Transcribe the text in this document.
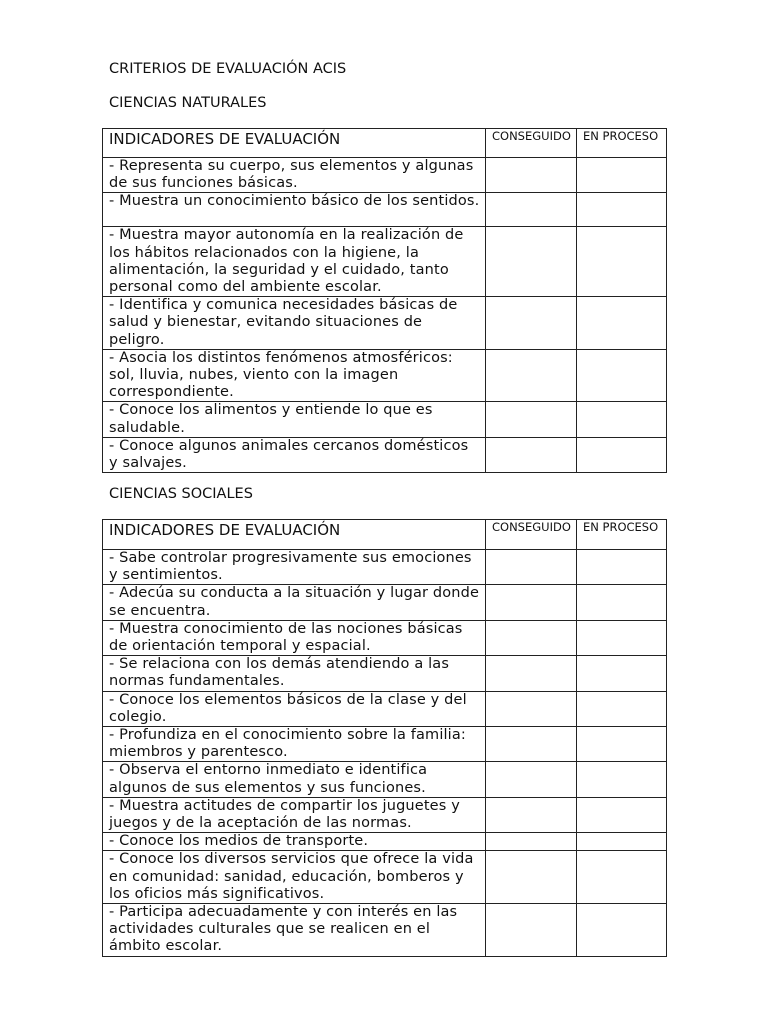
CRITERIOS DE EVALUACIÓN ACIS
CIENCIAS NATURALES
INDICADORES DE EVALUACIÓN	CONSEGUIDO	EN PROCESO

- Representa su cuerpo, sus elementos y algunas de sus funciones básicas.		
- Muestra un conocimiento básico de los sentidos.		
- Muestra mayor autonomía en la realización de los hábitos relacionados con la higiene, la alimentación, la seguridad y el cuidado, tanto personal como del ambiente escolar.		
- Identifica y comunica necesidades básicas de salud y bienestar, evitando situaciones de peligro.		
- Asocia los distintos fenómenos atmosféricos: sol, lluvia, nubes, viento con la imagen correspondiente.		
- Conoce los alimentos y entiende lo que es saludable.		
- Conoce algunos animales cercanos domésticos y salvajes.		
CIENCIAS SOCIALES
INDICADORES DE EVALUACIÓN	CONSEGUIDO	EN PROCESO

- Sabe controlar progresivamente sus emociones y sentimientos.		
- Adecúa su conducta a la situación y lugar donde se encuentra.		
- Muestra conocimiento de las nociones básicas de orientación temporal y espacial.		
- Se relaciona con los demás atendiendo a las normas fundamentales.		
- Conoce los elementos básicos de la clase y del colegio.		
- Profundiza en el conocimiento sobre la familia: miembros y parentesco.		
- Observa el entorno inmediato e identifica algunos de sus elementos y sus funciones.		
- Muestra actitudes de compartir los juguetes y juegos y de la aceptación de las normas.		
- Conoce los medios de transporte.		
- Conoce los diversos servicios que ofrece la vida en comunidad: sanidad, educación, bomberos y los oficios más significativos.		
- Participa adecuadamente y con interés en las actividades culturales que se realicen en el ámbito escolar.		
